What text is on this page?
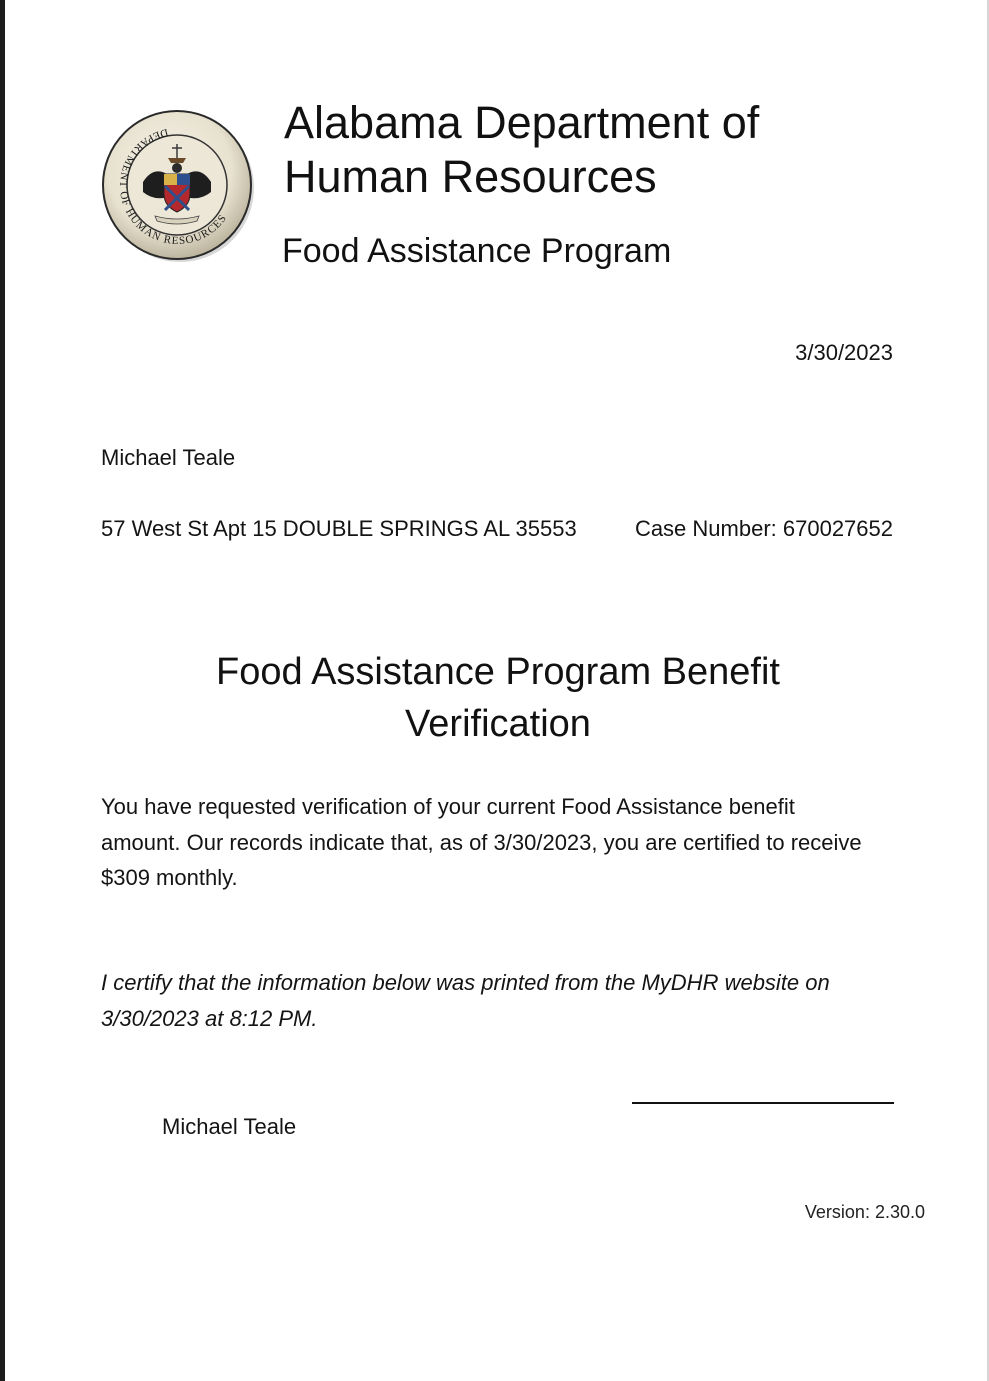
DEPARTMENT OF HUMAN RESOURCES
Alabama Department of Human Resources
Food Assistance Program
3/30/2023
Michael Teale
57 West St Apt 15 DOUBLE SPRINGS AL 35553	Case Number: 670027652
Food Assistance Program Benefit Verification
You have requested verification of your current Food Assistance benefit amount. Our records indicate that, as of 3/30/2023, you are certified to receive $309 monthly.
I certify that the information below was printed from the MyDHR website on 3/30/2023 at 8:12 PM.
Michael Teale
Version: 2.30.0
